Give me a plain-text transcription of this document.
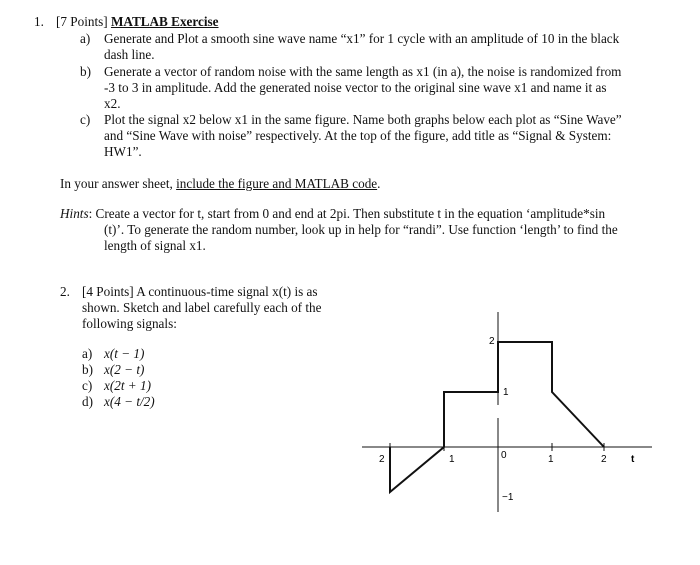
1. [7 Points] MATLAB Exercise
a) Generate and Plot a smooth sine wave name “x1” for 1 cycle with an amplitude of 10 in the black
dash line.
b) Generate a vector of random noise with the same length as x1 (in a), the noise is randomized from
-3 to 3 in amplitude. Add the generated noise vector to the original sine wave x1 and name it as
x2.
c) Plot the signal x2 below x1 in the same figure. Name both graphs below each plot as “Sine Wave”
and “Sine Wave with noise” respectively. At the top of the figure, add title as “Signal & System:
HW1”.
In your answer sheet, include the figure and MATLAB code.
Hints: Create a vector for t, start from 0 and end at 2pi. Then substitute t in the equation ‘amplitude*sin
(t)’. To generate the random number, look up in help for “randi”. Use function ‘length’ to find the
length of signal x1.
2. [4 Points] A continuous-time signal x(t) is as
shown. Sketch and label carefully each of the
following signals:
a) x(t − 1)
b) x(2 − t)
c) x(2t + 1)
d) x(4 − t/2)
2
1
−1
2	1	0	1	2 t
